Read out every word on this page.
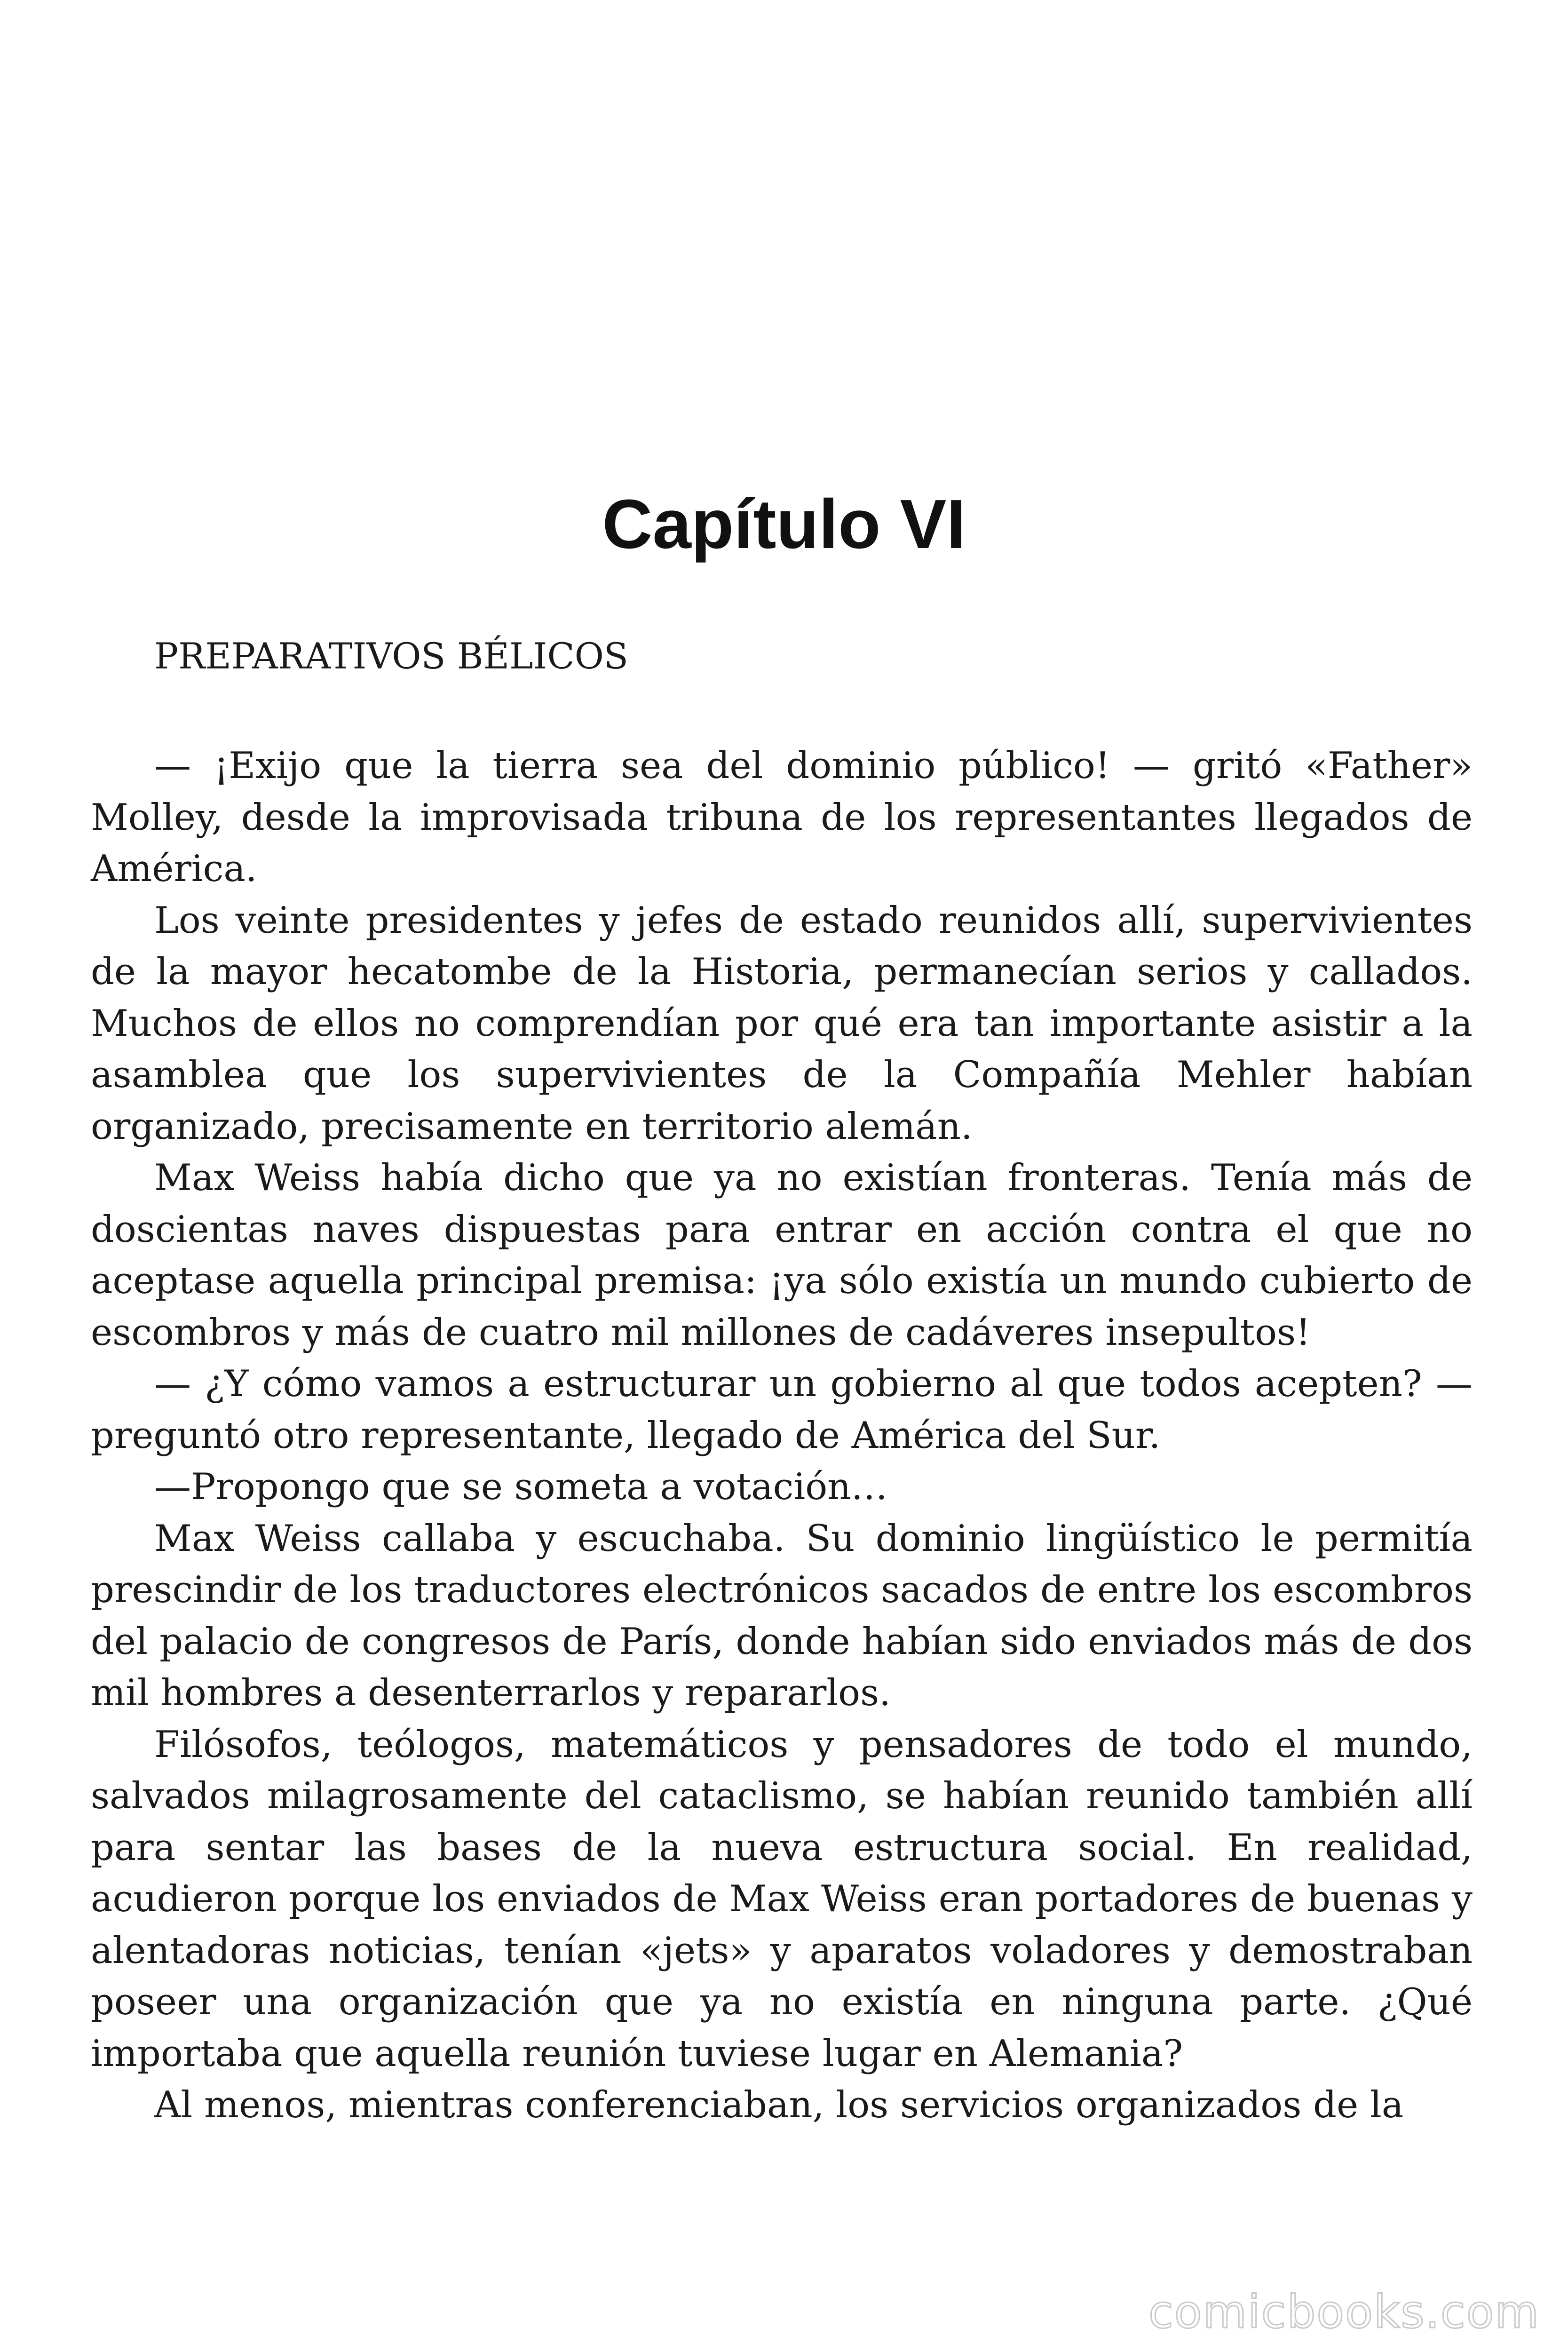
Capítulo VI
PREPARATIVOS BÉLICOS

— ¡Exijo que la tierra sea del dominio público! — gritó «Father» Molley, desde la improvisada tribuna de los representantes llegados de América.

Los veinte presidentes y jefes de estado reunidos allí, supervivientes de la mayor hecatombe de la Historia, permanecían serios y callados. Muchos de ellos no comprendían por qué era tan importante asistir a la asamblea que los supervivientes de la Compañía Mehler habían organizado, precisamente en territorio alemán.

Max Weiss había dicho que ya no existían fronteras. Tenía más de doscientas naves dispuestas para entrar en acción contra el que no aceptase aquella principal premisa: ¡ya sólo existía un mundo cubierto de escombros y más de cuatro mil millones de cadáveres insepultos!

— ¿Y cómo vamos a estructurar un gobierno al que todos acepten? —preguntó otro representante, llegado de América del Sur.

—Propongo que se someta a votación…

Max Weiss callaba y escuchaba. Su dominio lingüístico le permitía prescindir de los traductores electrónicos sacados de entre los escombros del palacio de congresos de París, donde habían sido enviados más de dos mil hombres a desenterrarlos y repararlos.

Filósofos, teólogos, matemáticos y pensadores de todo el mundo, salvados milagrosamente del cataclismo, se habían reunido también allí para sentar las bases de la nueva estructura social. En realidad, acudieron porque los enviados de Max Weiss eran portadores de buenas y alentadoras noticias, tenían «jets» y aparatos voladores y demostraban poseer una organización que ya no existía en ninguna parte. ¿Qué importaba que aquella reunión tuviese lugar en Alemania?

Al menos, mientras conferenciaban, los servicios organizados de la

comicbooks.com
